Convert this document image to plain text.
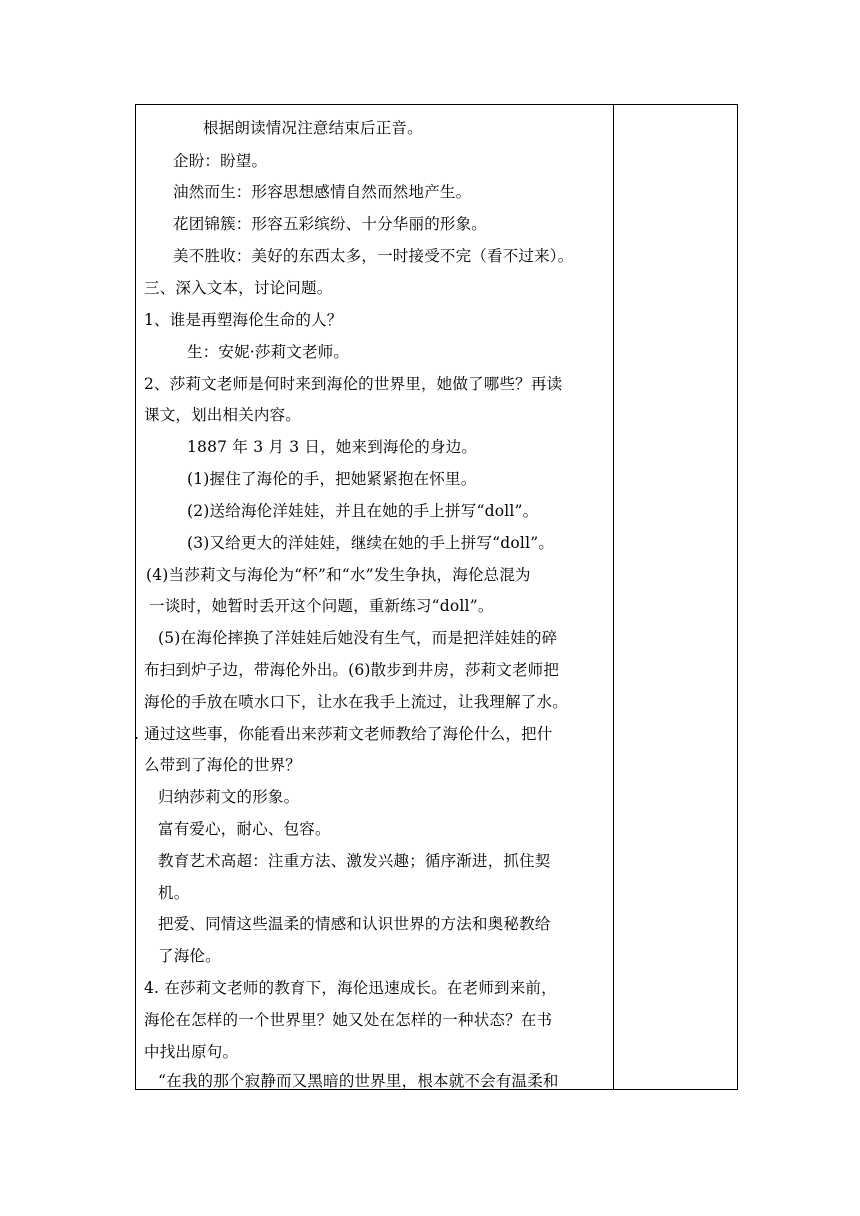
根据朗读情况注意结束后正音。
企盼：盼望。
油然而生：形容思想感情自然而然地产生。
花团锦簇：形容五彩缤纷、十分华丽的形象。
美不胜收：美好的东西太多，一时接受不完（看不过来）。
三、深入文本，讨论问题。
1、谁是再塑海伦生命的人？
生：安妮·莎莉文老师。
2、莎莉文老师是何时来到海伦的世界里，她做了哪些？再读
课文，划出相关内容。
1887 年 3 月 3 日，她来到海伦的身边。
(1)握住了海伦的手，把她紧紧抱在怀里。
(2)送给海伦洋娃娃，并且在她的手上拼写“doll”。
(3)又给更大的洋娃娃，继续在她的手上拼写“doll”。
(4)当莎莉文与海伦为“杯”和“水”发生争执，海伦总混为
一谈时，她暂时丢开这个问题，重新练习“doll”。
(5)在海伦摔换了洋娃娃后她没有生气，而是把洋娃娃的碎
布扫到炉子边，带海伦外出。(6)散步到井房，莎莉文老师把
海伦的手放在喷水口下，让水在我手上流过，让我理解了水。
. 通过这些事，你能看出来莎莉文老师教给了海伦什么，把什
么带到了海伦的世界？
归纳莎莉文的形象。
富有爱心，耐心、包容。
教育艺术高超：注重方法、激发兴趣；循序渐进，抓住契
机。
把爱、同情这些温柔的情感和认识世界的方法和奥秘教给
了海伦。
4. 在莎莉文老师的教育下，海伦迅速成长。在老师到来前，
海伦在怎样的一个世界里？她又处在怎样的一种状态？在书
中找出原句。
“在我的那个寂静而又黑暗的世界里，根本就不会有温柔和
